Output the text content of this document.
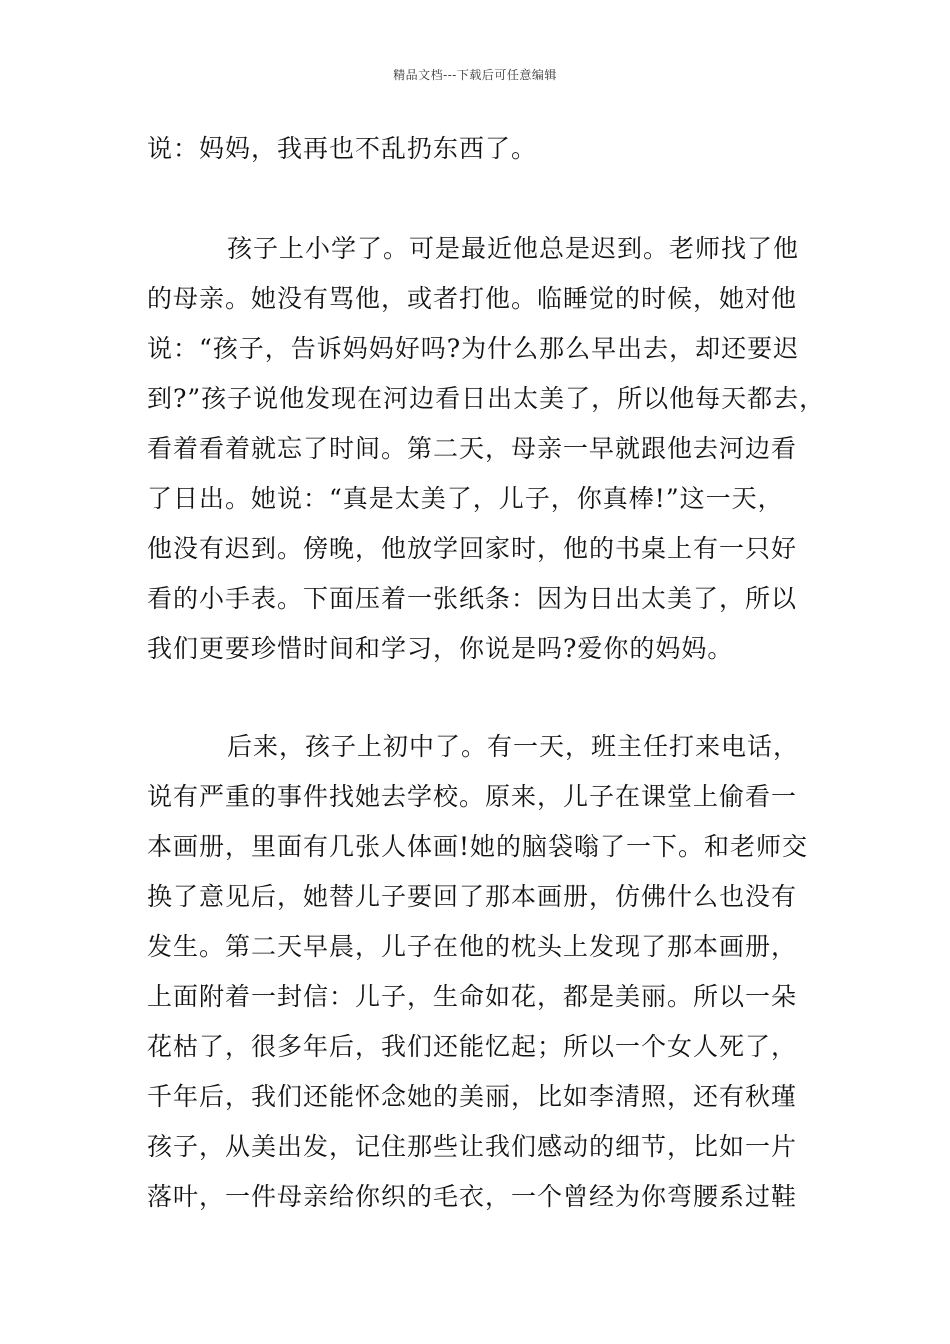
精品文档---下载后可任意编辑
说：妈妈，我再也不乱扔东西了。
孩子上小学了。可是最近他总是迟到。老师找了他
的母亲。她没有骂他，或者打他。临睡觉的时候，她对他
说：“孩子，告诉妈妈好吗?为什么那么早出去，却还要迟
到?”孩子说他发现在河边看日出太美了，所以他每天都去，
看着看着就忘了时间。第二天，母亲一早就跟他去河边看
了日出。她说：“真是太美了，儿子，你真棒!”这一天，
他没有迟到。傍晚，他放学回家时，他的书桌上有一只好
看的小手表。下面压着一张纸条：因为日出太美了，所以
我们更要珍惜时间和学习，你说是吗?爱你的妈妈。
后来，孩子上初中了。有一天，班主任打来电话，
说有严重的事件找她去学校。原来，儿子在课堂上偷看一
本画册，里面有几张人体画!她的脑袋嗡了一下。和老师交
换了意见后，她替儿子要回了那本画册，仿佛什么也没有
发生。第二天早晨，儿子在他的枕头上发现了那本画册，
上面附着一封信：儿子，生命如花，都是美丽。所以一朵
花枯了，很多年后，我们还能忆起；所以一个女人死了，
千年后，我们还能怀念她的美丽，比如李清照，还有秋瑾
孩子，从美出发，记住那些让我们感动的细节，比如一片
落叶，一件母亲给你织的毛衣，一个曾经为你弯腰系过鞋
